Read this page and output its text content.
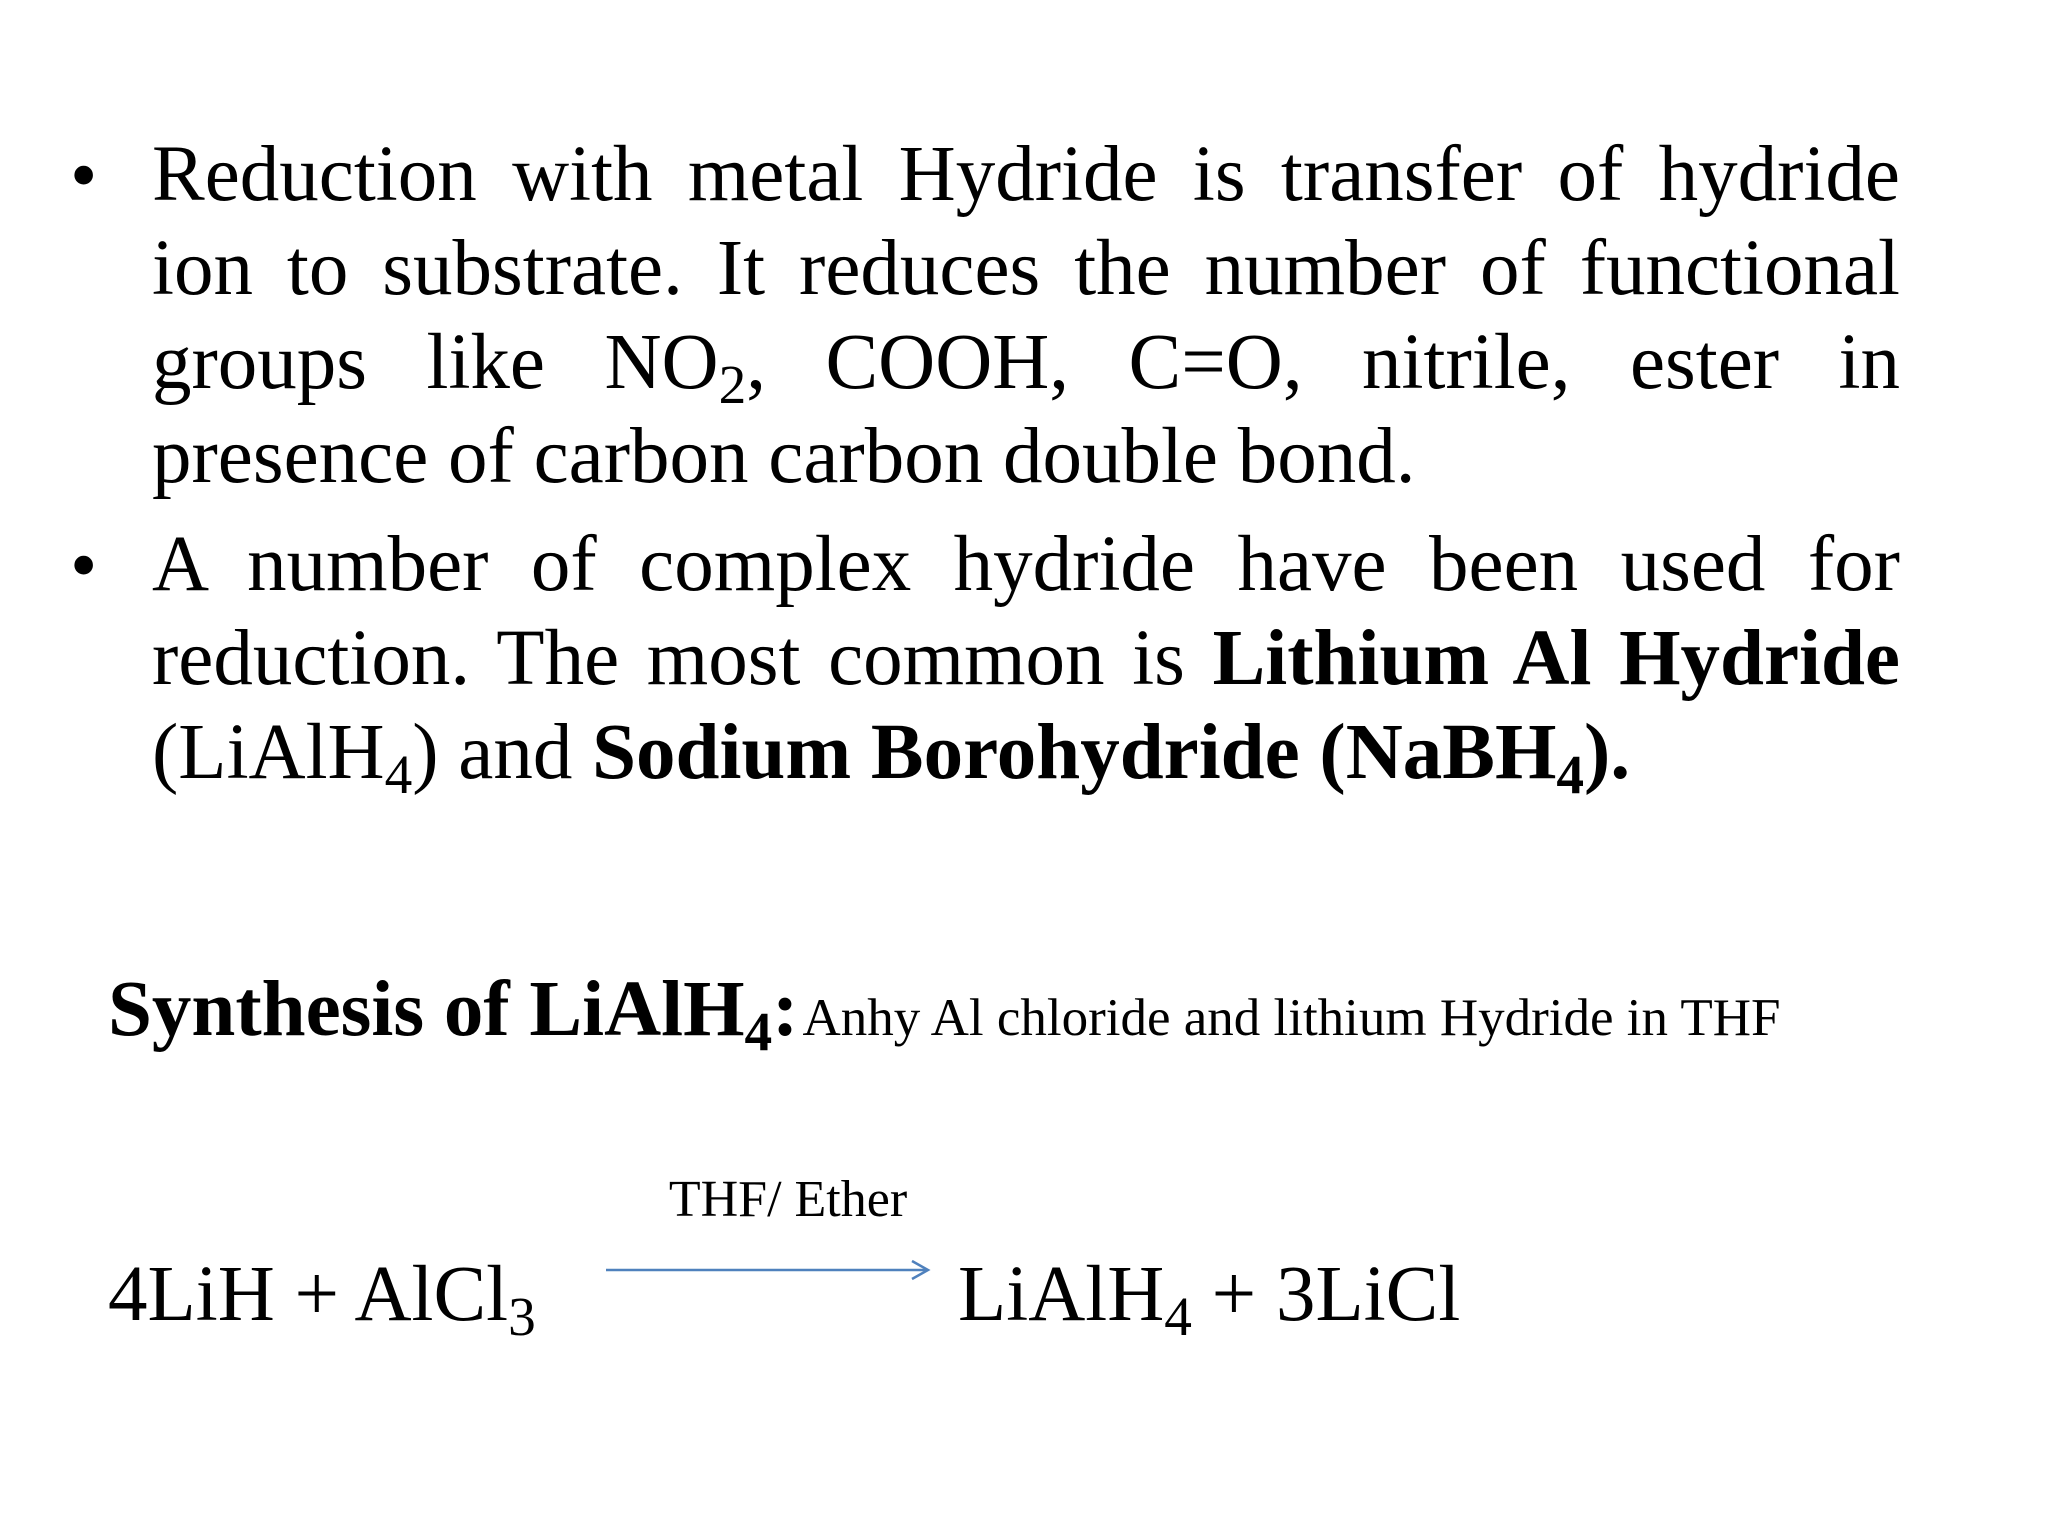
• Reduction with metal Hydride is transfer of hydride ion to substrate. It reduces the number of functional groups like NO2, COOH, C=O, nitrile, ester in presence of carbon carbon double bond.
• A number of complex hydride have been used for reduction. The most common is Lithium Al Hydride (LiAlH4) and Sodium Borohydride (NaBH4).
Synthesis of LiAlH4: Anhy Al chloride and lithium Hydride in THF
THF/ Ether
4LiH + AlCl3	LiAlH4 + 3LiCl
